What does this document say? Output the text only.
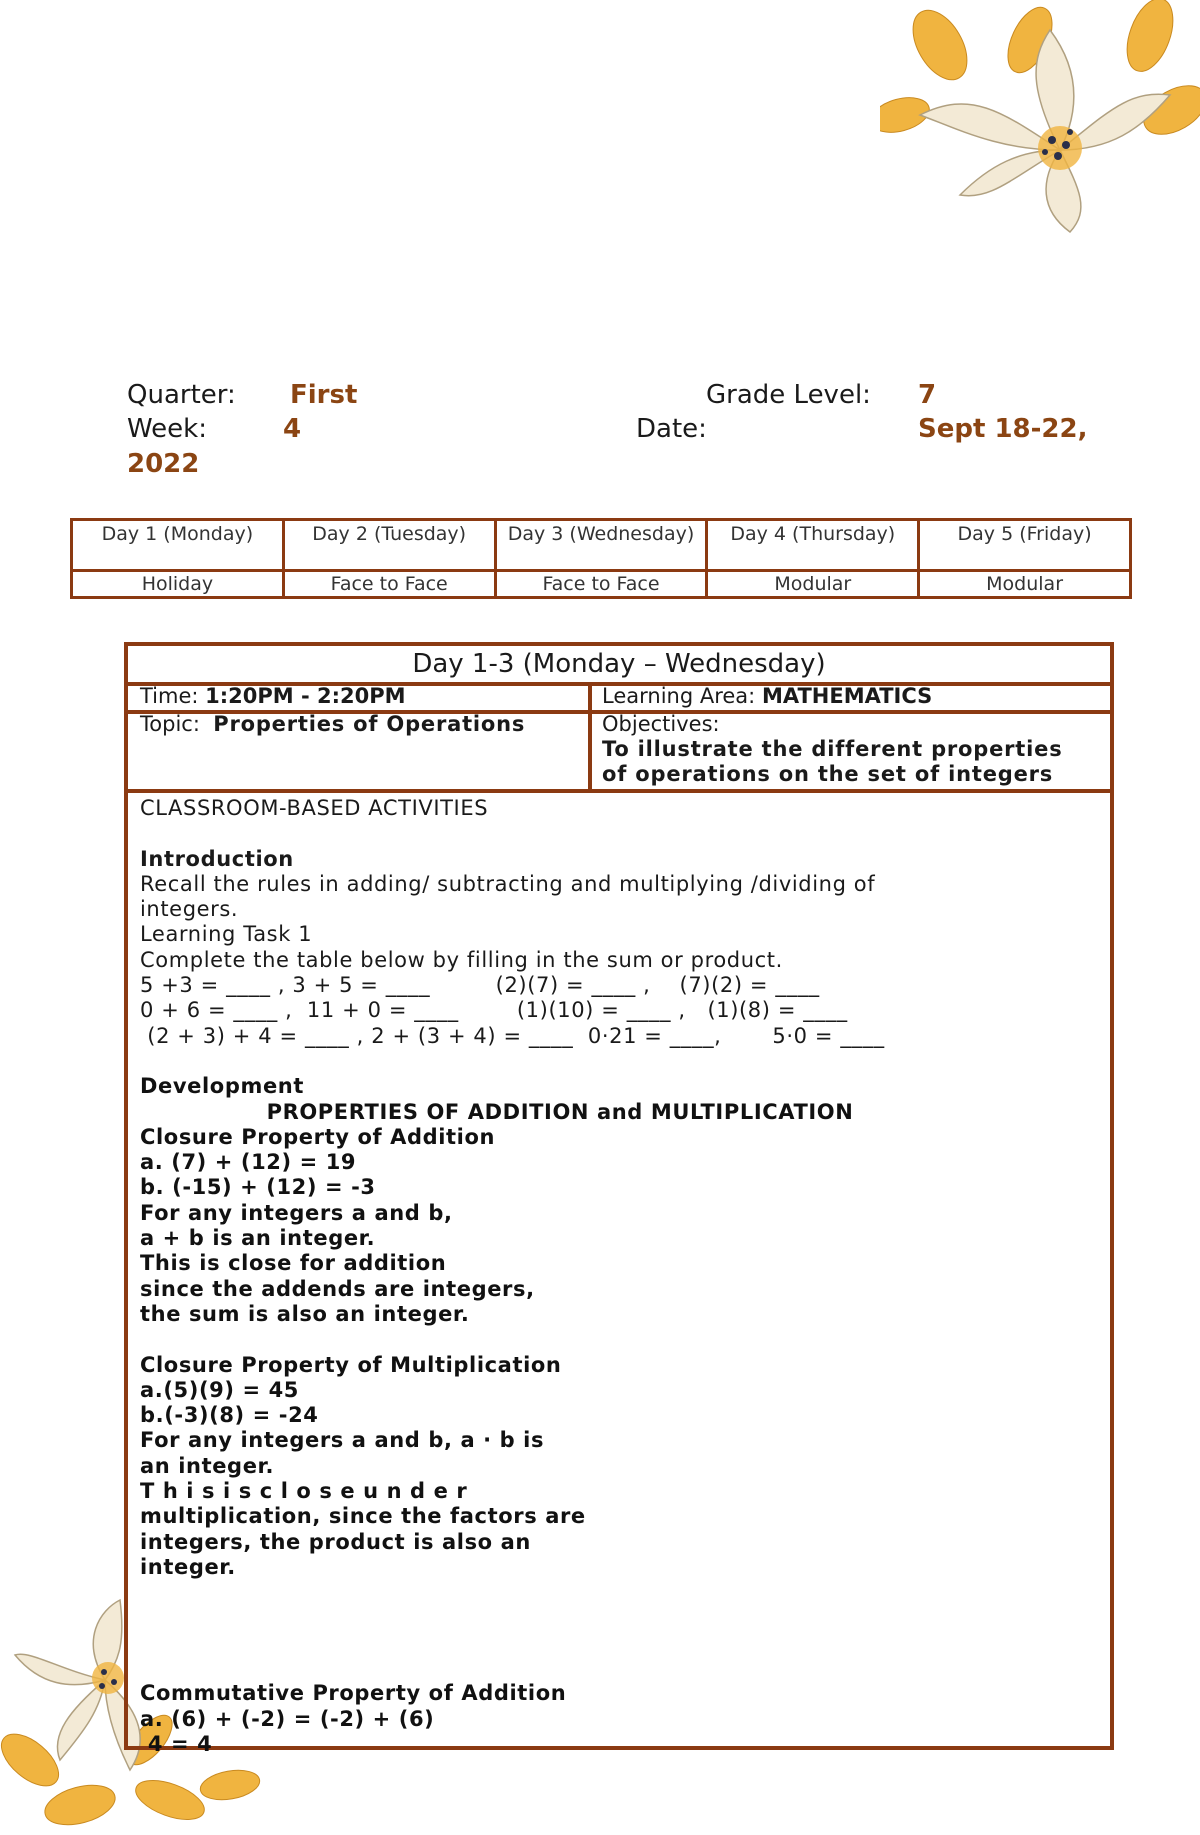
Quarter: First	Grade Level: 7
Week:	4	Date:	Sept 18-22,
2022
Day 1 (Monday)	Day 2 (Tuesday)	Day 3 (Wednesday)	Day 4 (Thursday)	Day 5 (Friday)
Holiday	Face to Face	Face to Face	Modular	Modular
Day 1-3 (Monday – Wednesday)
Time: 1:20PM - 2:20PM	Learning Area: MATHEMATICS
Topic: Properties of Operations	Objectives:
To illustrate the different properties
of operations on the set of integers
CLASSROOM-BASED ACTIVITIES
Introduction
Recall the rules in adding/ subtracting and multiplying /dividing of
integers.
Learning Task 1
Complete the table below by filling in the sum or product.
5 +3 = ____ , 3 + 5 = ____         (2)(7) = ____ ,    (7)(2) = ____
0 + 6 = ____ ,  11 + 0 = ____        (1)(10) = ____ ,   (1)(8) = ____
(2 + 3) + 4 = ____ , 2 + (3 + 4) = ____  0·21 = ____,       5·0 = ____
Development
PROPERTIES OF ADDITION and MULTIPLICATION
Closure Property of Addition
a. (7) + (12) = 19
b. (-15) + (12) = -3
For any integers a and b,
a + b is an integer.
This is close for addition
since the addends are integers,
the sum is also an integer.
Closure Property of Multiplication
a.(5)(9) = 45
b.(-3)(8) = -24
For any integers a and b, a · b is
an integer.
T h i s i s c l o s e u n d e r
multiplication, since the factors are
integers, the product is also an
integer.
Commutative Property of Addition
a. (6) + (-2) = (-2) + (6)
4 = 4
